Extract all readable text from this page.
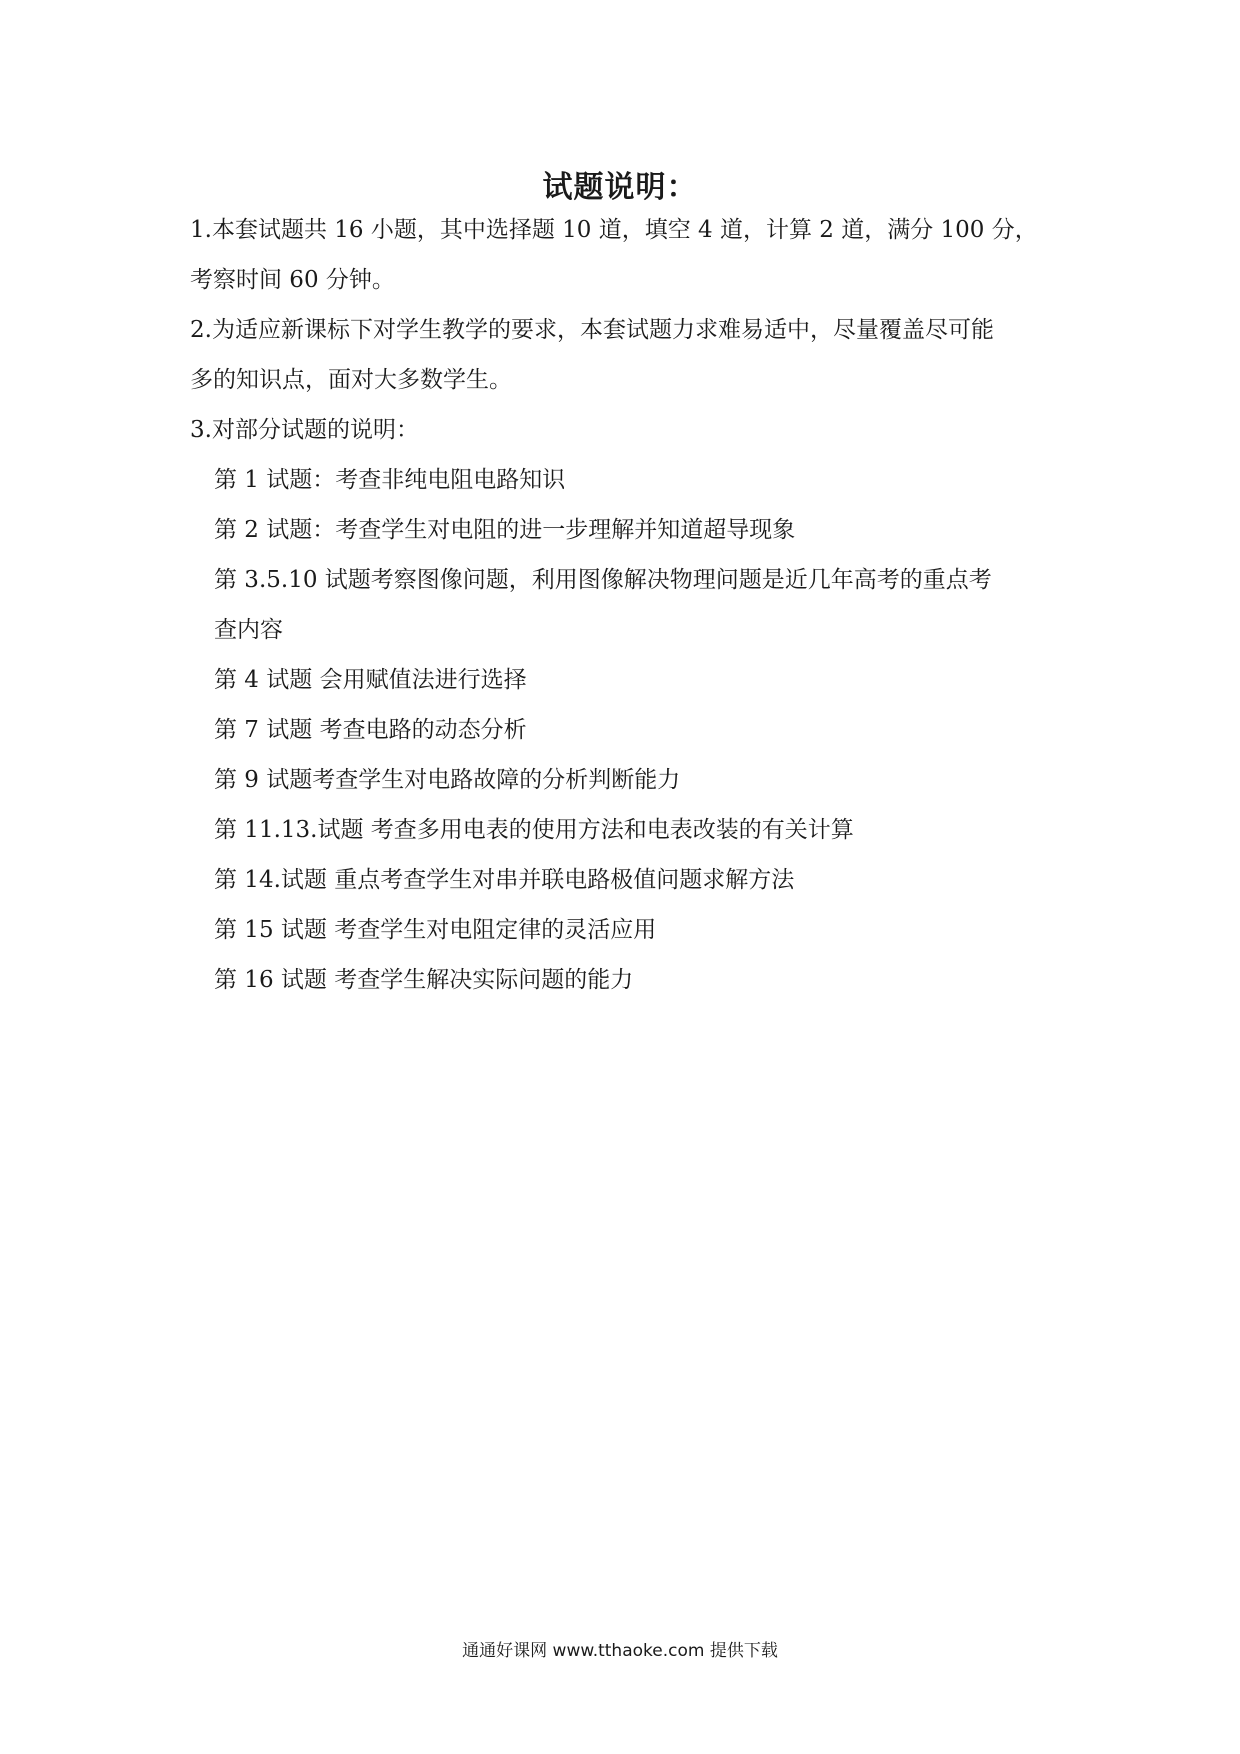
试题说明：
1.本套试题共 16 小题，其中选择题 10 道，填空 4 道，计算 2 道，满分 100 分，
考察时间 60 分钟。
2.为适应新课标下对学生教学的要求，本套试题力求难易适中，尽量覆盖尽可能
多的知识点，面对大多数学生。
3.对部分试题的说明：
第 1 试题：考查非纯电阻电路知识
第 2 试题：考查学生对电阻的进一步理解并知道超导现象
第 3.5.10 试题考察图像问题，利用图像解决物理问题是近几年高考的重点考
查内容
第 4 试题 会用赋值法进行选择
第 7 试题 考查电路的动态分析
第 9 试题考查学生对电路故障的分析判断能力
第 11.13.试题 考查多用电表的使用方法和电表改装的有关计算
第 14.试题 重点考查学生对串并联电路极值问题求解方法
第 15 试题 考查学生对电阻定律的灵活应用
第 16 试题 考查学生解决实际问题的能力
通通好课网 www.tthaoke.com 提供下载
